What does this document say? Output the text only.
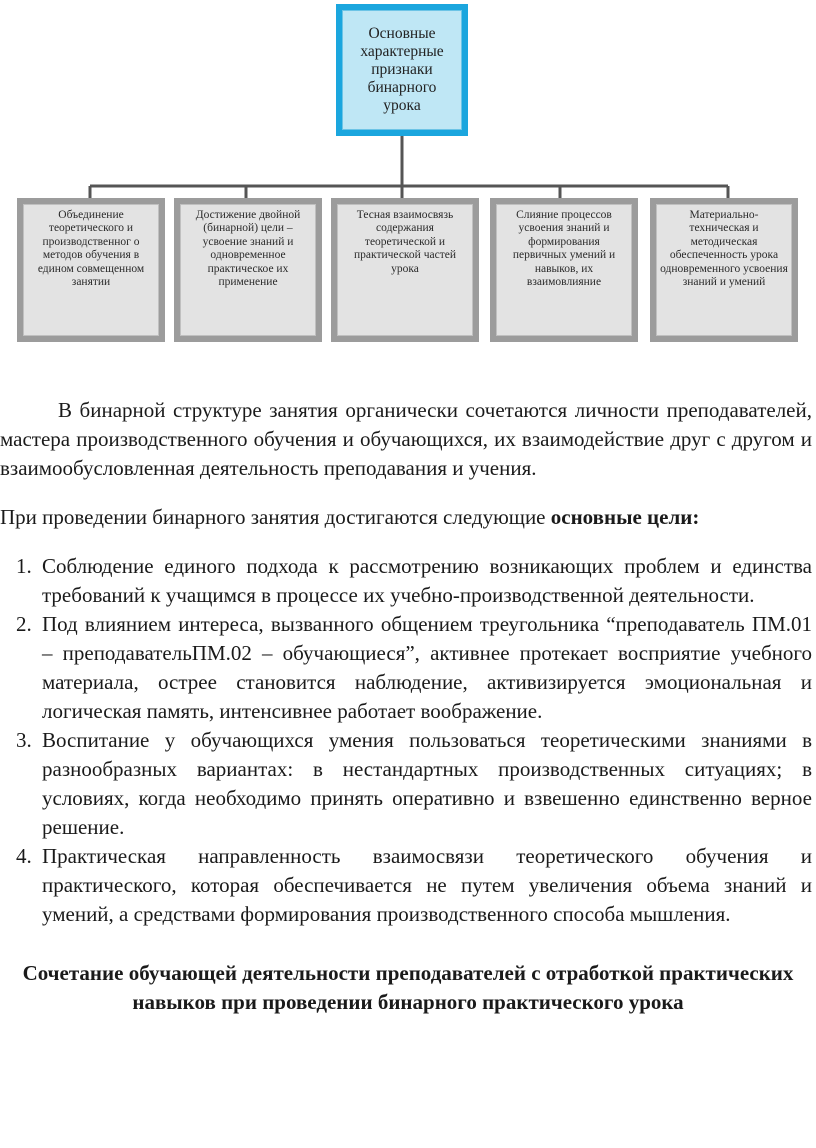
Основные характерные признаки бинарного урока
Объединение теоретического и производственног о методов обучения в едином совмещенном занятии
Достижение двойной (бинарной) цели – усвоение знаний и одновременное практическое их применение
Тесная взаимосвязь содержания теоретической и практической частей урока
Слияние процессов усвоения знаний и формирования первичных умений и навыков, их взаимовлияние
Материально-техническая и методическая обеспеченность урока одновременного усвоения знаний и умений

В бинарной структуре занятия органически сочетаются личности преподавателей, мастера производственного обучения и обучающихся, их взаимодействие друг с другом и взаимообусловленная деятельность преподавания и учения.

При проведении бинарного занятия достигаются следующие основные цели:

1. Соблюдение единого подхода к рассмотрению возникающих проблем и единства требований к учащимся в процессе их учебно-производственной деятельности.
2. Под влиянием интереса, вызванного общением треугольника “преподаватель ПМ.01 – преподавательПМ.02 – обучающиеся”, активнее протекает восприятие учебного материала, острее становится наблюдение, активизируется эмоциональная и логическая память, интенсивнее работает воображение.
3. Воспитание у обучающихся умения пользоваться теоретическими знаниями в разнообразных вариантах: в нестандартных производственных ситуациях; в условиях, когда необходимо принять оперативно и взвешенно единственно верное решение.
4. Практическая направленность взаимосвязи теоретического обучения и практического, которая обеспечивается не путем увеличения объема знаний и умений, а средствами формирования производственного способа мышления.
Сочетание обучающей деятельности преподавателей с отработкой практических навыков при проведении бинарного практического урока
